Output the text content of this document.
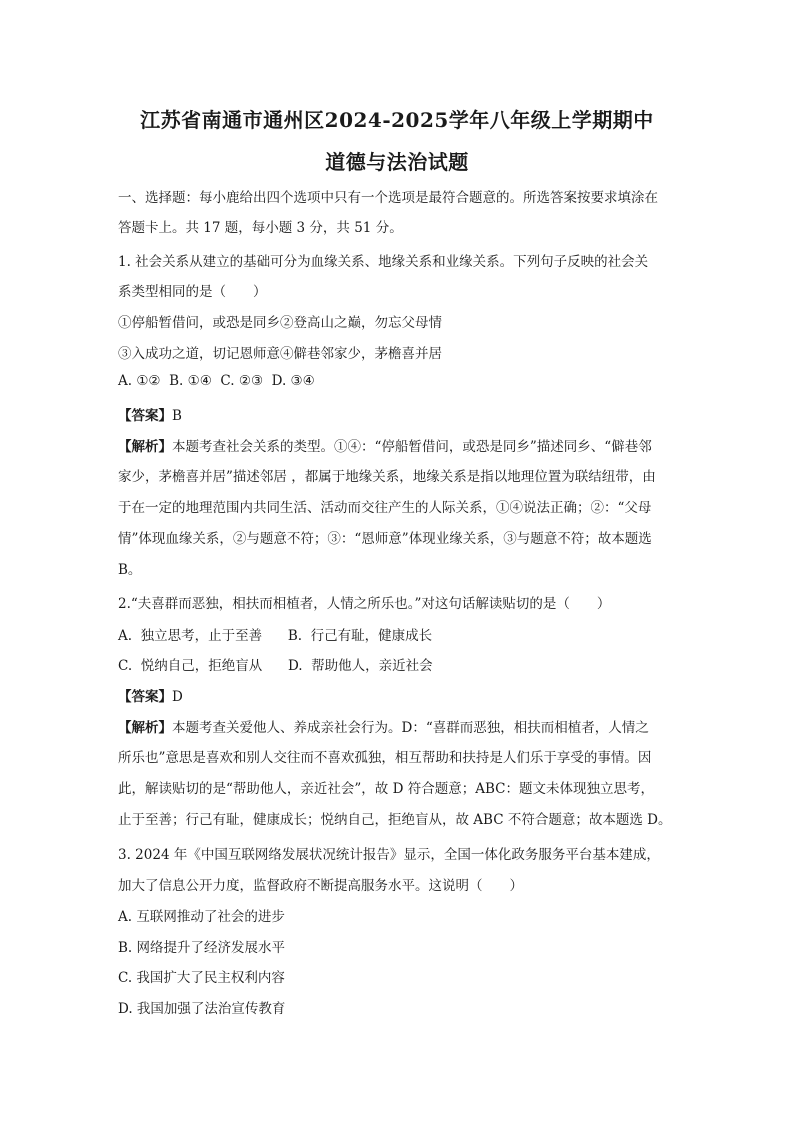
江苏省南通市通州区2024-2025学年八年级上学期期中
道德与法治试题
一、选择题：每小鹿给出四个选项中只有一个选项是最符合题意的。所选答案按要求填涂在
答题卡上。共 17 题，每小题 3 分，共 51 分。
1. 社会关系从建立的基础可分为血缘关系、地缘关系和业缘关系。下列句子反映的社会关
系类型相同的是（　　）
①停船暂借问，或恐是同乡②登高山之巅，勿忘父母情
③入成功之道，切记恩师意④僻巷邻家少，茅檐喜并居
A. ①②  B. ①④  C. ②③  D. ③④
【答案】B
【解析】本题考查社会关系的类型。①④：“停船暂借问，或恐是同乡”描述同乡、“僻巷邻
家少，茅檐喜并居”描述邻居 ，都属于地缘关系，地缘关系是指以地理位置为联结纽带，由
于在一定的地理范围内共同生活、活动而交往产生的人际关系，①④说法正确；②：“父母
情”体现血缘关系，②与题意不符；③：“恩师意”体现业缘关系，③与题意不符；故本题选
B。
2.“夫喜群而恶独，相扶而相植者，人情之所乐也。”对这句话解读贴切的是（　　）
A.  独立思考，止于至善      B.  行己有耻，健康成长
C.  悦纳自己，拒绝盲从      D.  帮助他人，亲近社会
【答案】D
【解析】本题考查关爱他人、养成亲社会行为。D：“喜群而恶独，相扶而相植者，人情之
所乐也”意思是喜欢和别人交往而不喜欢孤独，相互帮助和扶持是人们乐于享受的事情。因
此，解读贴切的是“帮助他人，亲近社会”，故 D 符合题意；ABC：题文未体现独立思考，
止于至善；行己有耻，健康成长；悦纳自己，拒绝盲从，故 ABC 不符合题意；故本题选 D。
3. 2024 年《中国互联网络发展状况统计报告》显示，全国一体化政务服务平台基本建成，
加大了信息公开力度，监督政府不断提高服务水平。这说明（　　）
A. 互联网推动了社会的进步
B. 网络提升了经济发展水平
C. 我国扩大了民主权利内容
D. 我国加强了法治宣传教育
